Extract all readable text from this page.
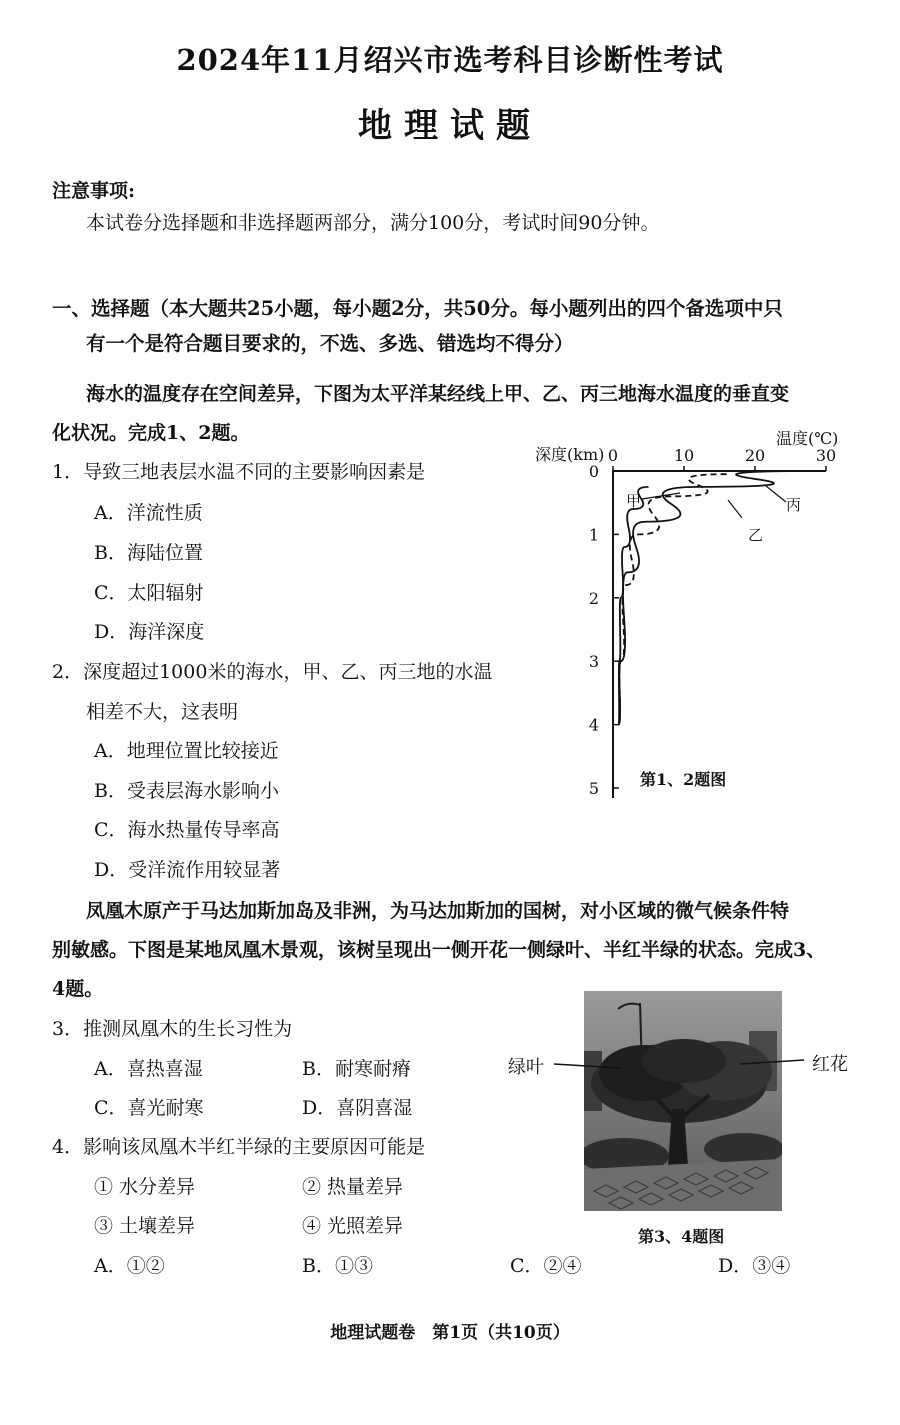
2024年11月绍兴市选考科目诊断性考试
地理试题
注意事项:
本试卷分选择题和非选择题两部分，满分100分，考试时间90分钟。
一、选择题（本大题共25小题，每小题2分，共50分。每小题列出的四个备选项中只
有一个是符合题目要求的，不选、多选、错选均不得分）
海水的温度存在空间差异，下图为太平洋某经线上甲、乙、丙三地海水温度的垂直变
化状况。完成1、2题。
1．导致三地表层水温不同的主要影响因素是
A．洋流性质
B．海陆位置
C．太阳辐射
D．海洋深度
2．深度超过1000米的海水，甲、乙、丙三地的水温
相差不大，这表明
A．地理位置比较接近
B．受表层海水影响小
C．海水热量传导率高
D．受洋流作用较显著
深度(km)
温度(℃)
0	10	20	30
0
1
2
3
4
5
甲
乙
丙
第1、2题图
凤凰木原产于马达加斯加岛及非洲，为马达加斯加的国树，对小区域的微气候条件特
别敏感。下图是某地凤凰木景观，该树呈现出一侧开花一侧绿叶、半红半绿的状态。完成3、
4题。
3．推测凤凰木的生长习性为
A．喜热喜湿	B．耐寒耐瘠
C．喜光耐寒	D．喜阴喜湿
4．影响该凤凰木半红半绿的主要原因可能是
① 水分差异	② 热量差异
③ 土壤差异	④ 光照差异
A．①②	B．①③	C．②④	D．③④
绿叶	红花
第3、4题图
地理试题卷　第1页（共10页）
